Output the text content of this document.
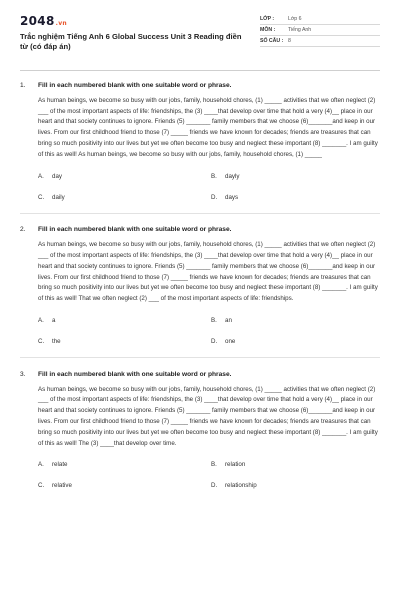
2048.vn
Trắc nghiệm Tiếng Anh 6 Global Success Unit 3 Reading điền từ (có đáp án)
LỚP :	Lớp 6
MÔN :	Tiếng Anh
SỐ CÂU : 8
1.	Fill in each numbered blank with one suitable word or phrase.

As human beings, we become so busy with our jobs, family, household chores, (1) _____ activities that we often neglect (2) ___ of the most important aspects of life: friendships, the (3) ____that develop over time that hold a very (4)__ place in our heart and that society continues to ignore. Friends (5) _______ family members that we choose (6)_______and keep in our lives. From our first childhood friend to those (7) _____ friends we have known for decades; friends are treasures that can bring so much positivity into our lives but yet we often become too busy and neglect these important (8) _______. I am guilty of this as well! As human beings, we become so busy with our jobs, family, household chores, (1) _____

A.	day	B.	dayly
C.	daily	D.	days
2.	Fill in each numbered blank with one suitable word or phrase.

As human beings, we become so busy with our jobs, family, household chores, (1) _____ activities that we often neglect (2) ___ of the most important aspects of life: friendships, the (3) ____that develop over time that hold a very (4)__ place in our heart and that society continues to ignore. Friends (5) _______ family members that we choose (6)_______and keep in our lives. From our first childhood friend to those (7) _____ friends we have known for decades; friends are treasures that can bring so much positivity into our lives but yet we often become too busy and neglect these important (8) _______. I am guilty of this as well! That we often neglect (2) ___ of the most important aspects of life: friendships.

A.	a	B.	an
C.	the	D.	one
3.	Fill in each numbered blank with one suitable word or phrase.

As human beings, we become so busy with our jobs, family, household chores, (1) _____ activities that we often neglect (2) ___ of the most important aspects of life: friendships, the (3) ____that develop over time that hold a very (4)__ place in our heart and that society continues to ignore. Friends (5) _______ family members that we choose (6)_______and keep in our lives. From our first childhood friend to those (7) _____ friends we have known for decades; friends are treasures that can bring so much positivity into our lives but yet we often become too busy and neglect these important (8) _______. I am guilty of this as well! The (3) ____that develop over time.

A.	relate	B.	relation
C.	relative	D.	relationship
